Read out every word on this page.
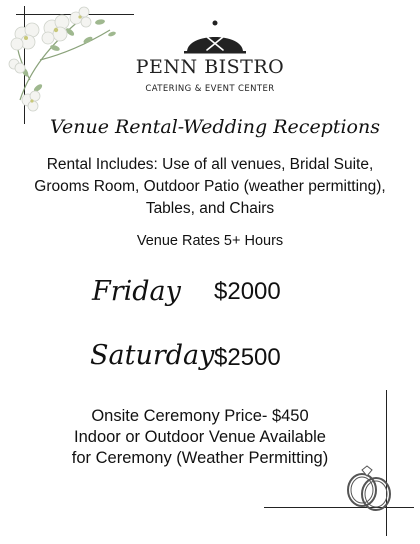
PENN BISTRO
CATERING & EVENT CENTER
Venue Rental-Wedding Receptions
Rental Includes: Use of all venues, Bridal Suite, Grooms Room, Outdoor Patio (weather permitting), Tables, and Chairs
Venue Rates 5+ Hours
Friday $2000
Saturday $2500
Onsite Ceremony Price- $450
Indoor or Outdoor Venue Available
for Ceremony (Weather Permitting)
